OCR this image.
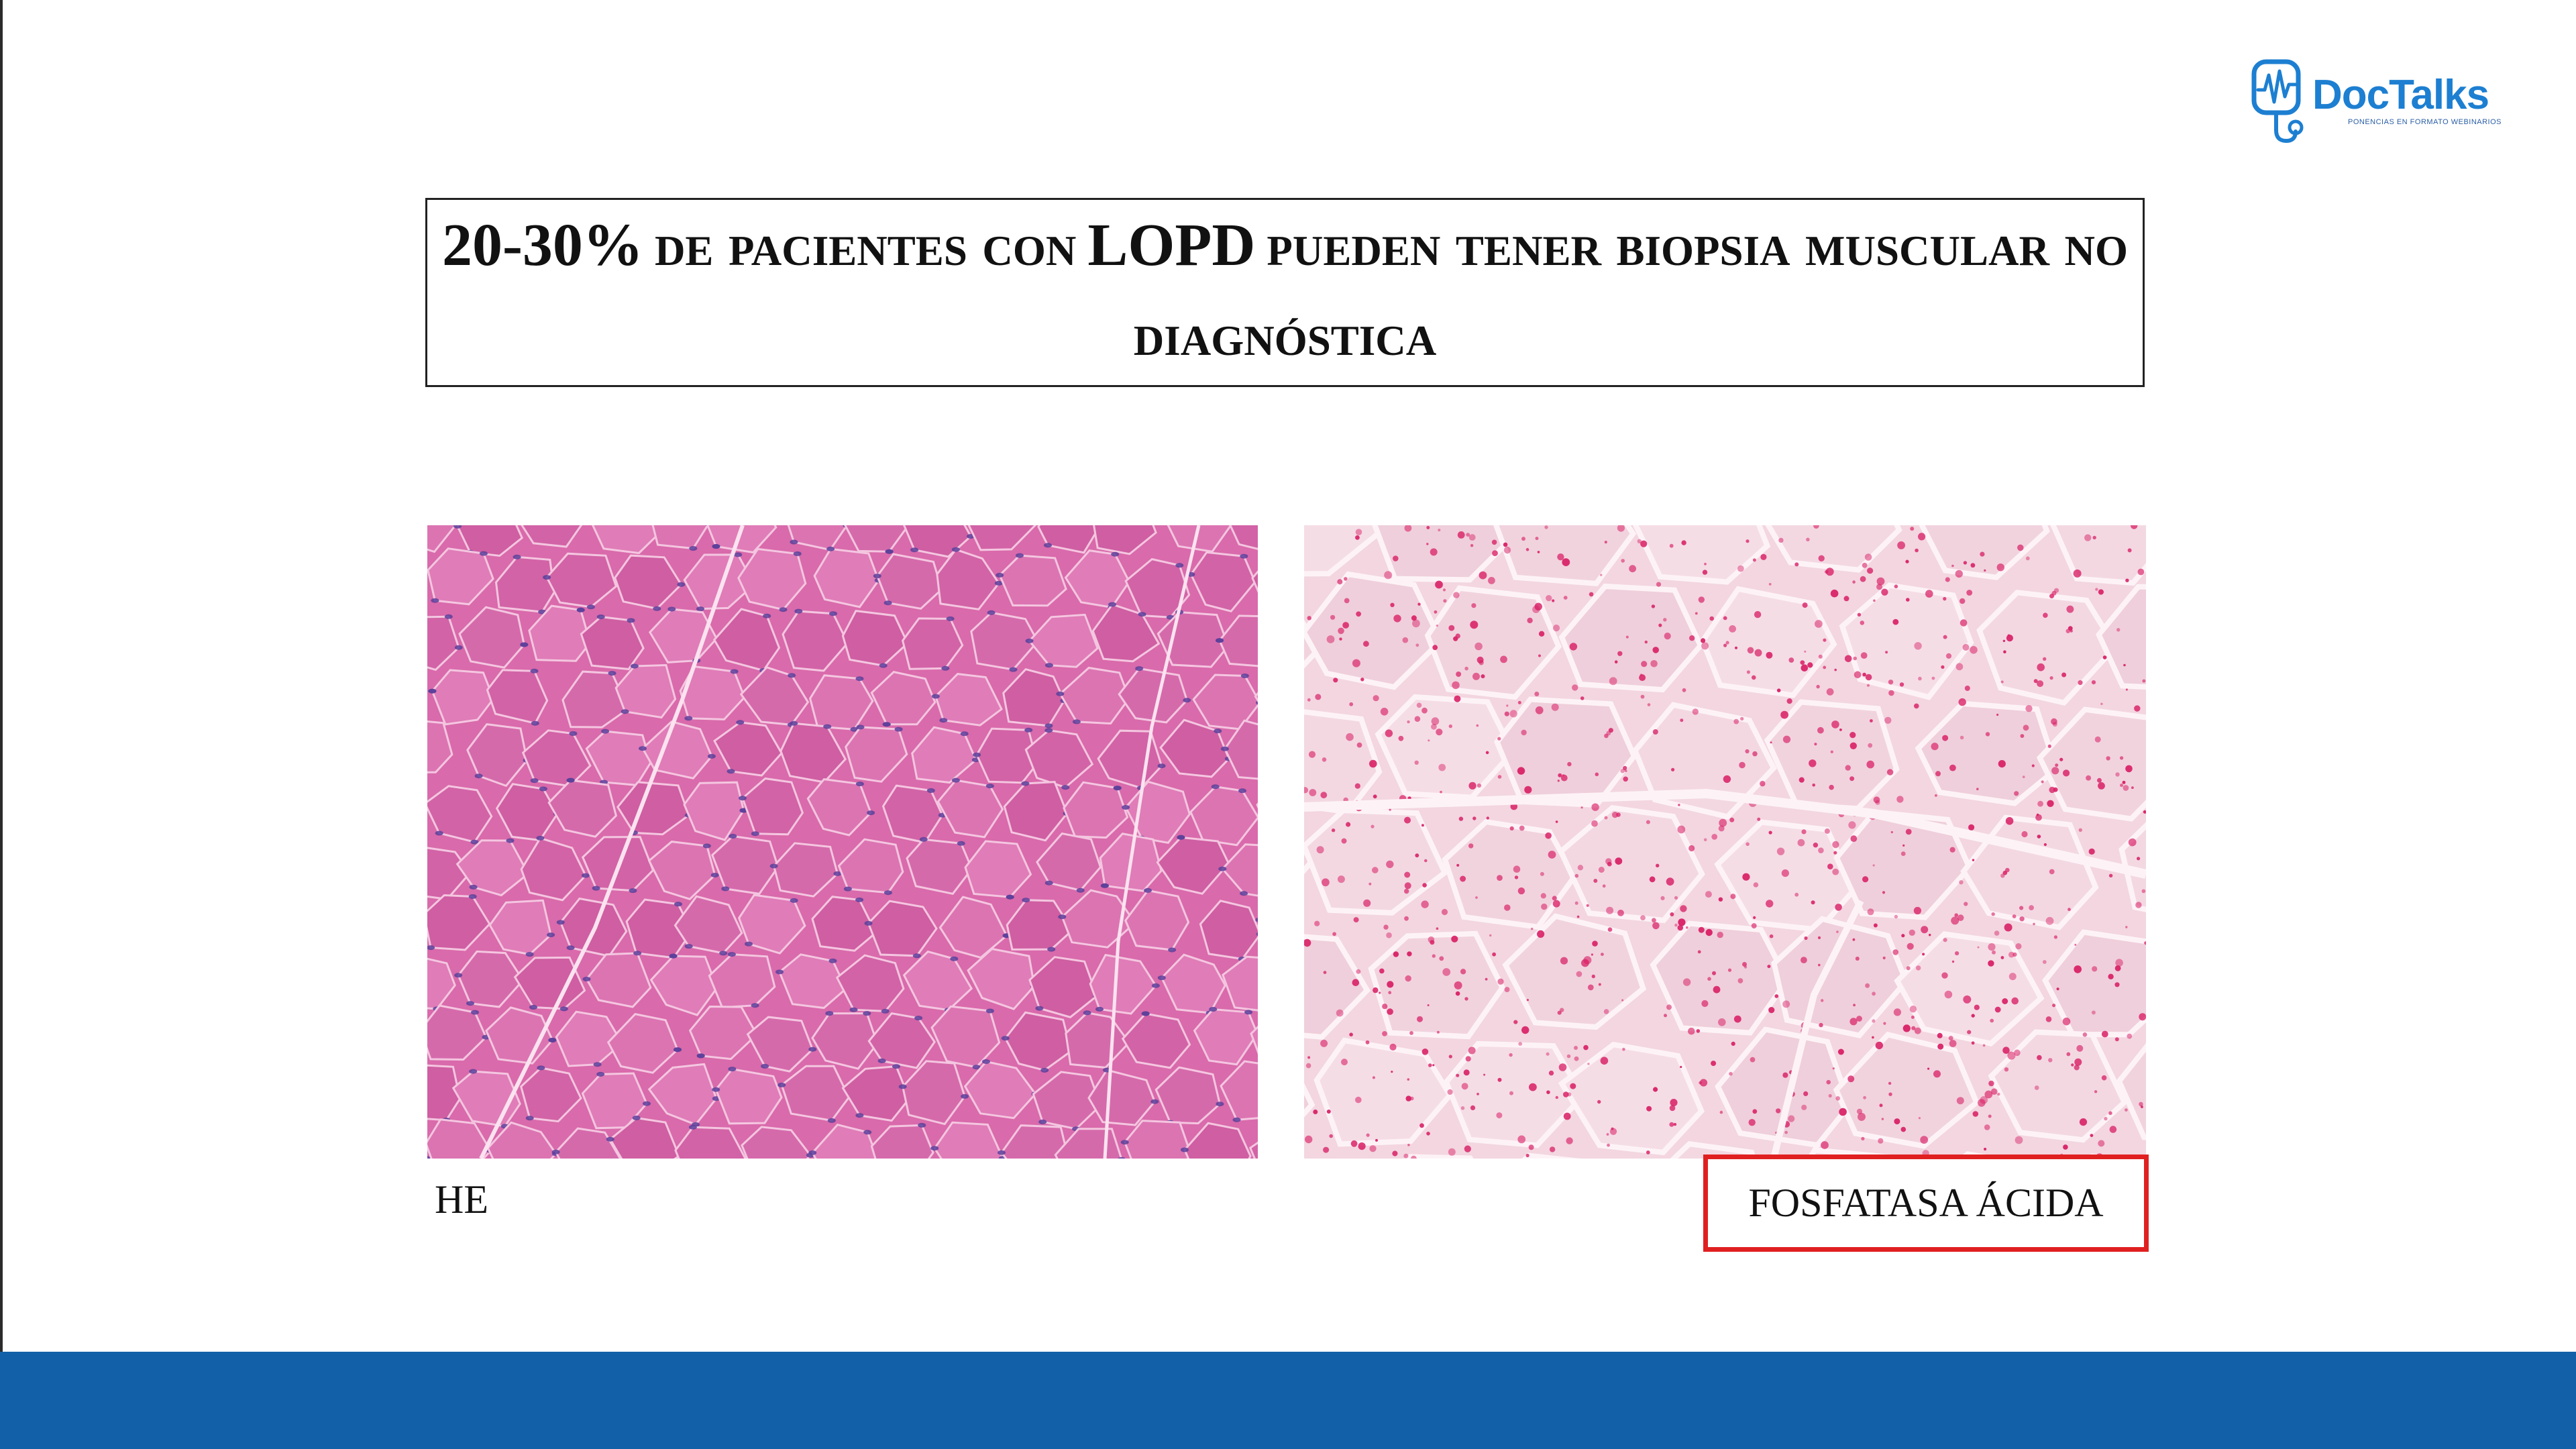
DocTalks
PONENCIAS EN FORMATO WEBINARIOS
20-30% de pacientes con LOPD pueden tener biopsia muscular no diagnóstica
HE	FOSFATASA ÁCIDA
